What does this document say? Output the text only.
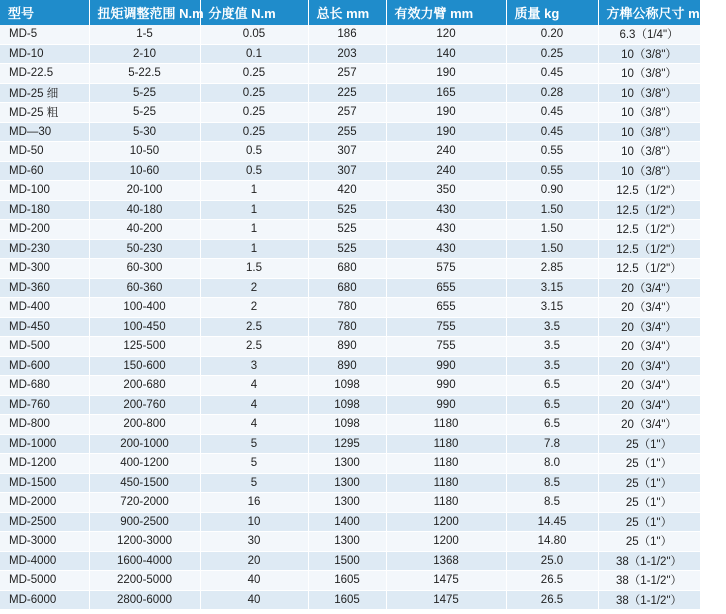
型号	扭矩调整范围 N.m	分度值 N.m	总长 mm	有效力臂 mm	质量 kg	方榫公称尺寸 mm/in
MD-5	1-5	0.05	186	120	0.20	6.3（1/4"）
MD-10	2-10	0.1	203	140	0.25	10（3/8"）
MD-22.5	5-22.5	0.25	257	190	0.45	10（3/8"）
MD-25 细	5-25	0.25	225	165	0.28	10（3/8"）
MD-25 粗	5-25	0.25	257	190	0.45	10（3/8"）
MD—30	5-30	0.25	255	190	0.45	10（3/8"）
MD-50	10-50	0.5	307	240	0.55	10（3/8"）
MD-60	10-60	0.5	307	240	0.55	10（3/8"）
MD-100	20-100	1	420	350	0.90	12.5（1/2"）
MD-180	40-180	1	525	430	1.50	12.5（1/2"）
MD-200	40-200	1	525	430	1.50	12.5（1/2"）
MD-230	50-230	1	525	430	1.50	12.5（1/2"）
MD-300	60-300	1.5	680	575	2.85	12.5（1/2"）
MD-360	60-360	2	680	655	3.15	20（3/4"）
MD-400	100-400	2	780	655	3.15	20（3/4"）
MD-450	100-450	2.5	780	755	3.5	20（3/4"）
MD-500	125-500	2.5	890	755	3.5	20（3/4"）
MD-600	150-600	3	890	990	3.5	20（3/4"）
MD-680	200-680	4	1098	990	6.5	20（3/4"）
MD-760	200-760	4	1098	990	6.5	20（3/4"）
MD-800	200-800	4	1098	1180	6.5	20（3/4"）
MD-1000	200-1000	5	1295	1180	7.8	25（1"）
MD-1200	400-1200	5	1300	1180	8.0	25（1"）
MD-1500	450-1500	5	1300	1180	8.5	25（1"）
MD-2000	720-2000	16	1300	1180	8.5	25（1"）
MD-2500	900-2500	10	1400	1200	14.45	25（1"）
MD-3000	1200-3000	30	1300	1200	14.80	25（1"）
MD-4000	1600-4000	20	1500	1368	25.0	38（1-1/2"）
MD-5000	2200-5000	40	1605	1475	26.5	38（1-1/2"）
MD-6000	2800-6000	40	1605	1475	26.5	38（1-1/2"）
